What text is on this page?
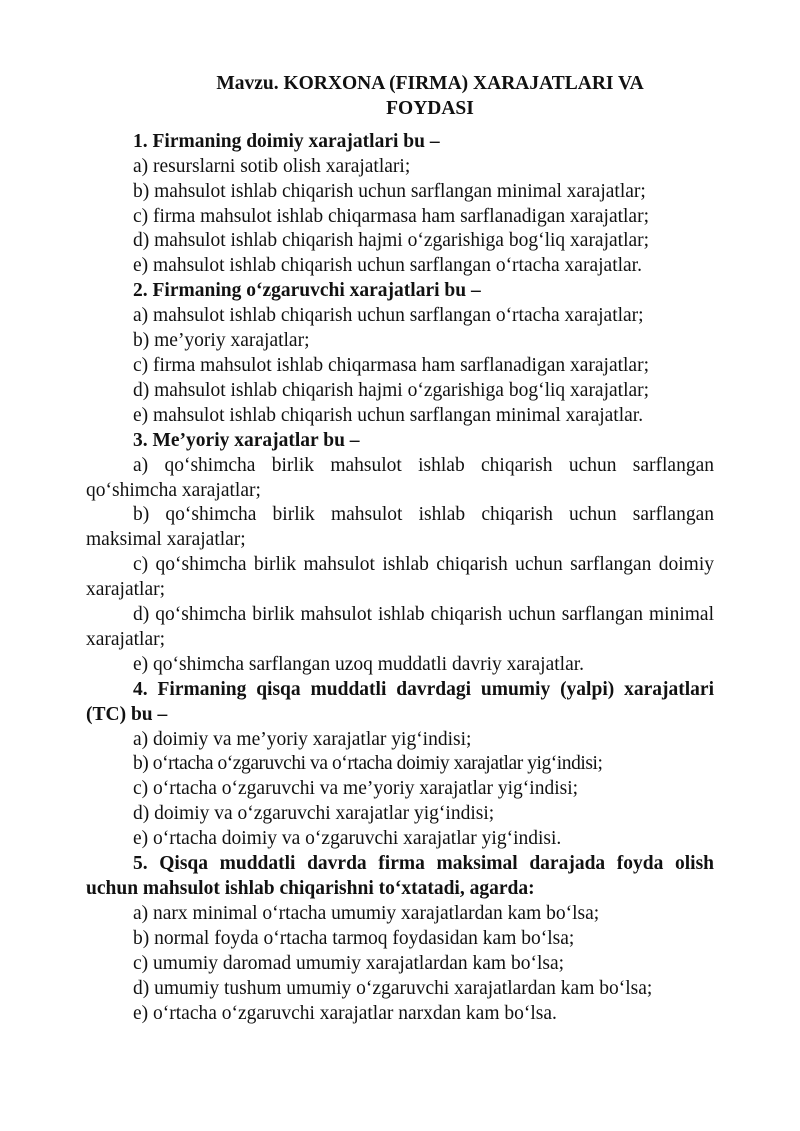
Mavzu. KORXONA (FIRMA) XARAJATLARI VA
FOYDASI

1. Firmaning doimiy xarajatlari bu –

a) resurslarni sotib olish xarajatlari;

b) mahsulot ishlab chiqarish uchun sarflangan minimal xarajatlar;

c) firma mahsulot ishlab chiqarmasa ham sarflanadigan xarajatlar;

d) mahsulot ishlab chiqarish hajmi o‘zgarishiga bog‘liq xarajatlar;

e) mahsulot ishlab chiqarish uchun sarflangan o‘rtacha xarajatlar.

2. Firmaning o‘zgaruvchi xarajatlari bu –

a) mahsulot ishlab chiqarish uchun sarflangan o‘rtacha xarajatlar;

b) me’yoriy xarajatlar;

c) firma mahsulot ishlab chiqarmasa ham sarflanadigan xarajatlar;

d) mahsulot ishlab chiqarish hajmi o‘zgarishiga bog‘liq xarajatlar;

e) mahsulot ishlab chiqarish uchun sarflangan minimal xarajatlar.

3. Me’yoriy xarajatlar bu –

a) qo‘shimcha birlik mahsulot ishlab chiqarish uchun sarflangan qo‘shimcha xarajatlar;

b) qo‘shimcha birlik mahsulot ishlab chiqarish uchun sarflangan maksimal xarajatlar;

c) qo‘shimcha birlik mahsulot ishlab chiqarish uchun sarflangan doimiy xarajatlar;

d) qo‘shimcha birlik mahsulot ishlab chiqarish uchun sarflangan minimal xarajatlar;

e) qo‘shimcha sarflangan uzoq muddatli davriy xarajatlar.

4. Firmaning qisqa muddatli davrdagi umumiy (yalpi) xarajatlari (TC) bu –

a) doimiy va me’yoriy xarajatlar yig‘indisi;

b) o‘rtacha o‘zgaruvchi va o‘rtacha doimiy xarajatlar yig‘indisi;

c) o‘rtacha o‘zgaruvchi va me’yoriy xarajatlar yig‘indisi;

d) doimiy va o‘zgaruvchi xarajatlar yig‘indisi;

e) o‘rtacha doimiy va o‘zgaruvchi xarajatlar yig‘indisi.

5. Qisqa muddatli davrda firma maksimal darajada foyda olish uchun mahsulot ishlab chiqarishni to‘xtatadi, agarda:

a) narx minimal o‘rtacha umumiy xarajatlardan kam bo‘lsa;

b) normal foyda o‘rtacha tarmoq foydasidan kam bo‘lsa;

c) umumiy daromad umumiy xarajatlardan kam bo‘lsa;

d) umumiy tushum umumiy o‘zgaruvchi xarajatlardan kam bo‘lsa;

e) o‘rtacha o‘zgaruvchi xarajatlar narxdan kam bo‘lsa.
